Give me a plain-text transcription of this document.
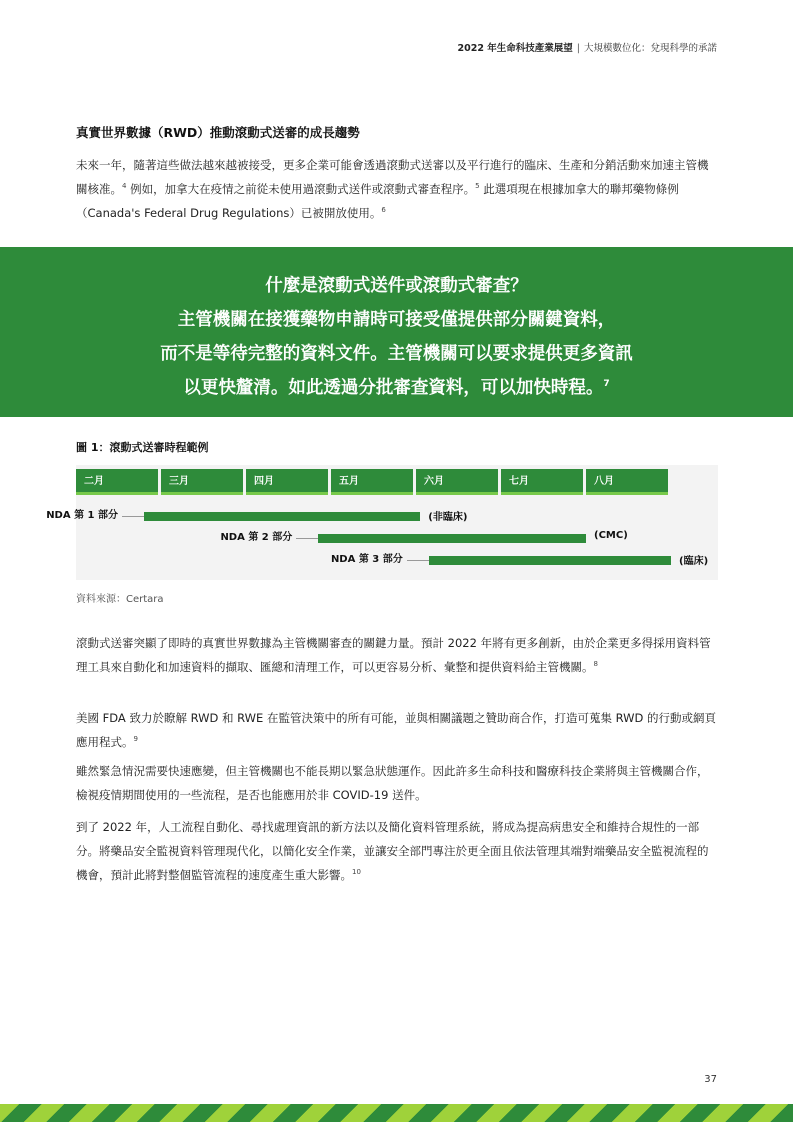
2022 年生命科技產業展望 | 大規模數位化：兌現科學的承諾
真實世界數據（RWD）推動滾動式送審的成長趨勢
未來一年，隨著這些做法越來越被接受，更多企業可能會透過滾動式送審以及平行進行的臨床、生產和分銷活動來加速主管機關核准。$^4$ 例如，加拿大在疫情之前從未使用過滾動式送件或滾動式審查程序。$^5$ 此選項現在根據加拿大的聯邦藥物條例（Canada's Federal Drug Regulations）已被開放使用。$^6$
什麼是滾動式送件或滾動式審查？
主管機關在接獲藥物申請時可接受僅提供部分關鍵資料，
而不是等待完整的資料文件。主管機關可以要求提供更多資訊
以更快釐清。如此透過分批審查資料，可以加快時程。$^7$
圖 1：滾動式送審時程範例
二月	三月	四月	五月	六月	七月	八月
NDA 第 1 部分	(非臨床)
NDA 第 2 部分	(CMC)
NDA 第 3 部分	(臨床)
資料來源：Certara
滾動式送審突顯了即時的真實世界數據為主管機關審查的關鍵力量。預計 2022 年將有更多創新，由於企業更多得採用資料管理工具來自動化和加速資料的擷取、匯總和清理工作，可以更容易分析、彙整和提供資料給主管機關。$^8$
美國 FDA 致力於瞭解 RWD 和 RWE 在監管決策中的所有可能，並與相關議題之贊助商合作，打造可蒐集 RWD 的行動或網頁應用程式。$^9$
雖然緊急情況需要快速應變，但主管機關也不能長期以緊急狀態運作。因此許多生命科技和醫療科技企業將與主管機關合作，檢視疫情期間使用的一些流程，是否也能應用於非 COVID-19 送件。
到了 2022 年，人工流程自動化、尋找處理資訊的新方法以及簡化資料管理系統，將成為提高病患安全和維持合規性的一部分。將藥品安全監視資料管理現代化，以簡化安全作業，並讓安全部門專注於更全面且依法管理其端對端藥品安全監視流程的機會，預計此將對整個監管流程的速度產生重大影響。$^{10}$
37
